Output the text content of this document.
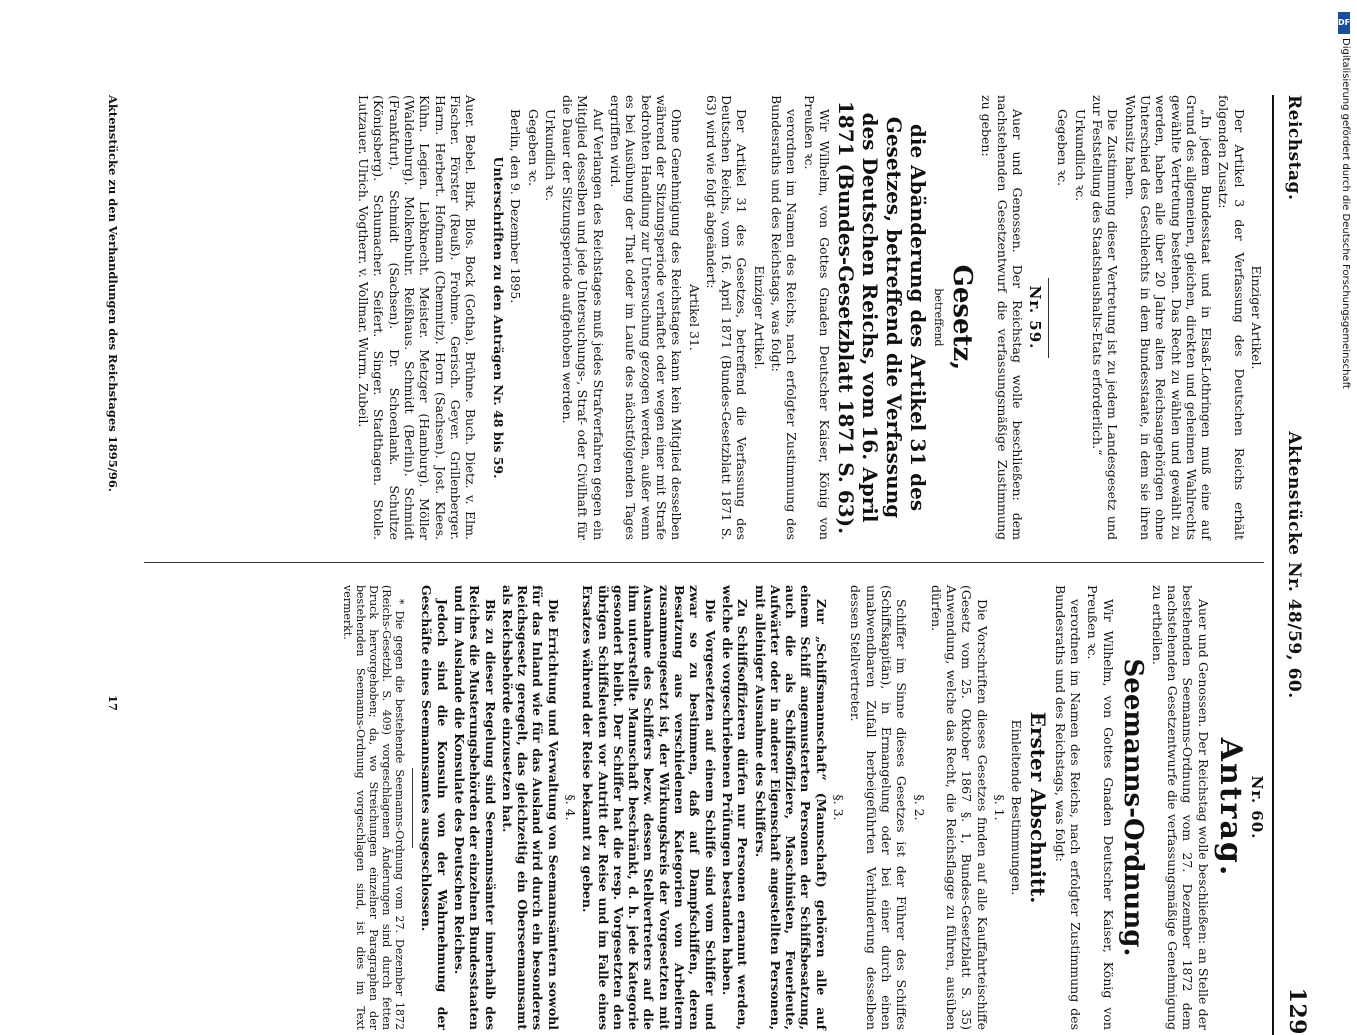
Reichstag.
Aktenstücke Nr. 48/59, 60.
129

Einziger Artikel.

Der Artikel 3 der Verfassung des Deutschen Reichs erhält folgenden Zusatz:

„In jedem Bundesstaat und in Elsaß-Lothringen muß eine auf Grund des allgemeinen, gleichen, direkten und geheimen Wahlrechts gewählte Vertretung bestehen. Das Recht zu wählen und gewählt zu werden, haben alle über 20 Jahre alten Reichsangehörigen ohne Unterschied des Geschlechts in dem Bundesstaate, in dem sie ihren Wohnsitz haben.

Die Zustimmung dieser Vertretung ist zu jedem Landesgesetz und zur Feststellung des Staatshaushalts-Etats erforderlich.“

Urkundlich ꝛc.

Gegeben ꝛc.

Nr. 59.

Auer und Genossen. Der Reichstag wolle beschließen: dem nachstehenden Gesetzentwurf die verfassungsmäßige Zustimmung zu geben:

Gesetz,

betreffend

die Abänderung des Artikel 31 des Gesetzes, betreffend die Verfassung des Deutschen Reichs, vom 16. April 1871 (Bundes-Gesetzblatt 1871 S. 63).

Wir Wilhelm, von Gottes Gnaden Deutscher Kaiser, König von Preußen ꝛc.

verordnen im Namen des Reichs, nach erfolgter Zustimmung des Bundesraths und des Reichstags, was folgt:

Einziger Artikel.

Der Artikel 31 des Gesetzes, betreffend die Verfassung des Deutschen Reichs, vom 16. April 1871 (Bundes-Gesetzblatt 1871 S. 63) wird wie folgt abgeändert:

Artikel 31.

Ohne Genehmigung des Reichstages kann kein Mitglied desselben während der Sitzungsperiode verhaftet oder wegen einer mit Strafe bedrohten Handlung zur Untersuchung gezogen werden, außer wenn es bei Ausübung der That oder im Laufe des nächstfolgenden Tages ergriffen wird.

Auf Verlangen des Reichstages muß jedes Strafverfahren gegen ein Mitglied desselben und jede Untersuchungs-, Straf- oder Civilhaft für die Dauer der Sitzungsperiode aufgehoben werden.

Urkundlich ꝛc.

Gegeben ꝛc.

Berlin, den 9. Dezember 1895.

Unterschriften zu den Anträgen Nr. 48 bis 59.

Auer. Bebel. Birk. Blos. Bock (Gotha). Brühne. Buch. Dietz. v. Elm. Fischer. Förster (Reuß). Frohme. Gerisch. Geyer. Grillenberger. Harm. Herbert. Hofmann (Chemnitz). Horn (Sachsen). Jost. Klees. Kühn. Legien. Liebknecht. Meister. Metzger (Hamburg). Möller (Waldenburg). Molkenbuhr. Reißhaus. Schmidt (Berlin). Schmidt (Frankfurt). Schmidt (Sachsen). Dr. Schoenlank. Schultze (Königsberg). Schumacher. Seifert. Singer. Stadthagen. Stolle. Lutzauer. Ulrich. Vogtherr. v. Vollmar. Wurm. Zubeil.

Nr. 60.

Antrag.

Auer und Genossen. Der Reichstag wolle beschließen: an Stelle der bestehenden Seemanns-Ordnung vom 27. Dezember 1872 dem nachstehenden Gesetzentwurfe die verfassungsmäßige Genehmigung zu ertheilen.

Seemanns-Ordnung.

Wir Wilhelm, von Gottes Gnaden Deutscher Kaiser, König von Preußen ꝛc.

verordnen im Namen des Reichs, nach erfolgter Zustimmung des Bundesraths und des Reichstags, was folgt:

Erster Abschnitt.

Einleitende Bestimmungen.

§. 1.

Die Vorschriften dieses Gesetzes finden auf alle Kauffahrteischiffe (Gesetz vom 25. Oktober 1867 §. 1, Bundes-Gesetzblatt S. 35) Anwendung, welche das Recht, die Reichsflagge zu führen, ausüben dürfen.

§. 2.

Schiffer im Sinne dieses Gesetzes ist der Führer des Schiffes (Schiffskapitän), in Ermangelung oder bei einer durch einen unabwendbaren Zufall herbeigeführten Verhinderung desselben dessen Stellvertreter.

§. 3.

Zur „Schiffsmannschaft“ (Mannschaft) gehören alle auf einem Schiff angemusterten Personen der Schiffsbesatzung, auch die als Schiffsoffiziere, Maschinisten, Feuerleute, Aufwärter oder in anderer Eigenschaft angestellten Personen, mit alleiniger Ausnahme des Schiffers.

Zu Schiffsoffizieren dürfen nur Personen ernannt werden, welche die vorgeschriebenen Prüfungen bestanden haben.

Die Vorgesetzten auf einem Schiffe sind vom Schiffer und zwar so zu bestimmen, daß auf Dampfschiffen, deren Besatzung aus verschiedenen Kategorien von Arbeitern zusammengesetzt ist, der Wirkungskreis der Vorgesetzten mit Ausnahme des Schiffers bezw. dessen Stellvertreters auf die ihm unterstellte Mannschaft beschränkt, d. h. jede Kategorie gesondert bleibt. Der Schiffer hat die resp. Vorgesetzten den übrigen Schiffsleuten vor Antritt der Reise und im Falle eines Ersatzes während der Reise bekannt zu geben.

§. 4.

Die Errichtung und Verwaltung von Seemannsämtern sowohl für das Inland wie für das Ausland wird durch ein besonderes Reichsgesetz geregelt, das gleichzeitig ein Oberseemannsamt als Reichsbehörde einzusetzen hat.

Bis zu dieser Regelung sind Seemannsämter innerhalb des Reiches die Musterungsbehörden der einzelnen Bundesstaaten und im Auslande die Konsulate des Deutschen Reiches.

Jedoch sind die Konsuln von der Wahrnehmung der Geschäfte eines Seemannsamtes ausgeschlossen.

* Die gegen die bestehende Seemanns-Ordnung vom 27. Dezember 1872 (Reichs-Gesetzbl. S. 409) vorgeschlagenen Änderungen sind durch fetten Druck hervorgehoben; da, wo Streichungen einzelner Paragraphen der bestehenden Seemanns-Ordnung vorgeschlagen sind, ist dies im Text vermerkt.

Aktenstücke zu den Verhandlungen des Reichstages 1895/96.
17
DFG
Digitalisierung gefördert durch die Deutsche Forschungsgemeinschaft
